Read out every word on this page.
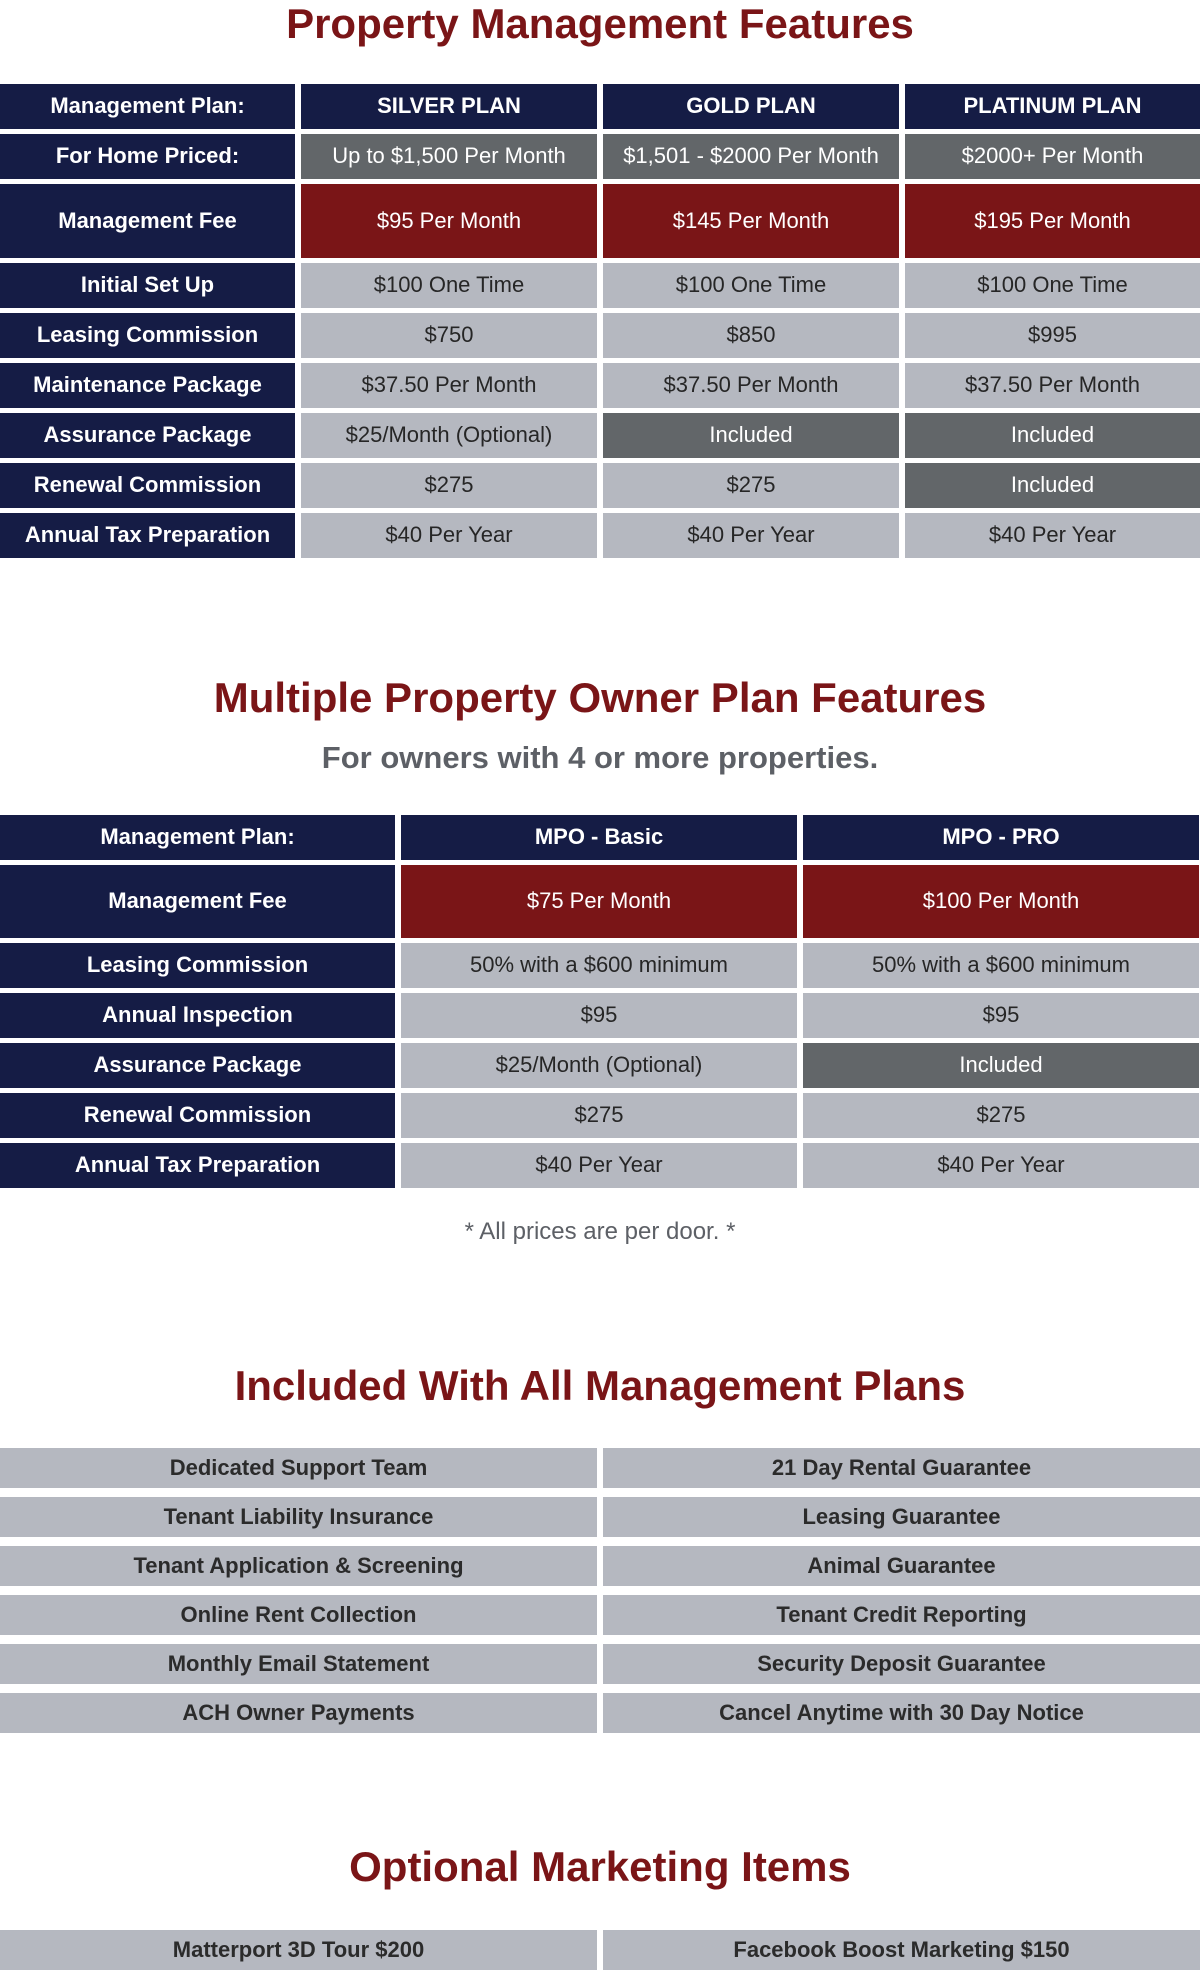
Property Management Features
Management Plan:	SILVER PLAN	GOLD PLAN	PLATINUM PLAN
For Home Priced:	Up to $1,500 Per Month	$1,501 - $2000 Per Month	$2000+ Per Month
Management Fee	$95 Per Month	$145 Per Month	$195 Per Month
Initial Set Up	$100 One Time	$100 One Time	$100 One Time
Leasing Commission	$750	$850	$995
Maintenance Package	$37.50 Per Month	$37.50 Per Month	$37.50 Per Month
Assurance Package	$25/Month (Optional)	Included	Included
Renewal Commission	$275	$275	Included
Annual Tax Preparation	$40 Per Year	$40 Per Year	$40 Per Year
Multiple Property Owner Plan Features
For owners with 4 or more properties.
Management Plan:	MPO - Basic	MPO - PRO
Management Fee	$75 Per Month	$100 Per Month
Leasing Commission	50% with a $600 minimum	50% with a $600 minimum
Annual Inspection	$95	$95
Assurance Package	$25/Month (Optional)	Included
Renewal Commission	$275	$275
Annual Tax Preparation	$40 Per Year	$40 Per Year
* All prices are per door. *
Included With All Management Plans
Dedicated Support Team	21 Day Rental Guarantee
Tenant Liability Insurance	Leasing Guarantee
Tenant Application & Screening	Animal Guarantee
Online Rent Collection	Tenant Credit Reporting
Monthly Email Statement	Security Deposit Guarantee
ACH Owner Payments	Cancel Anytime with 30 Day Notice
Optional Marketing Items
Matterport 3D Tour $200	Facebook Boost Marketing $150
